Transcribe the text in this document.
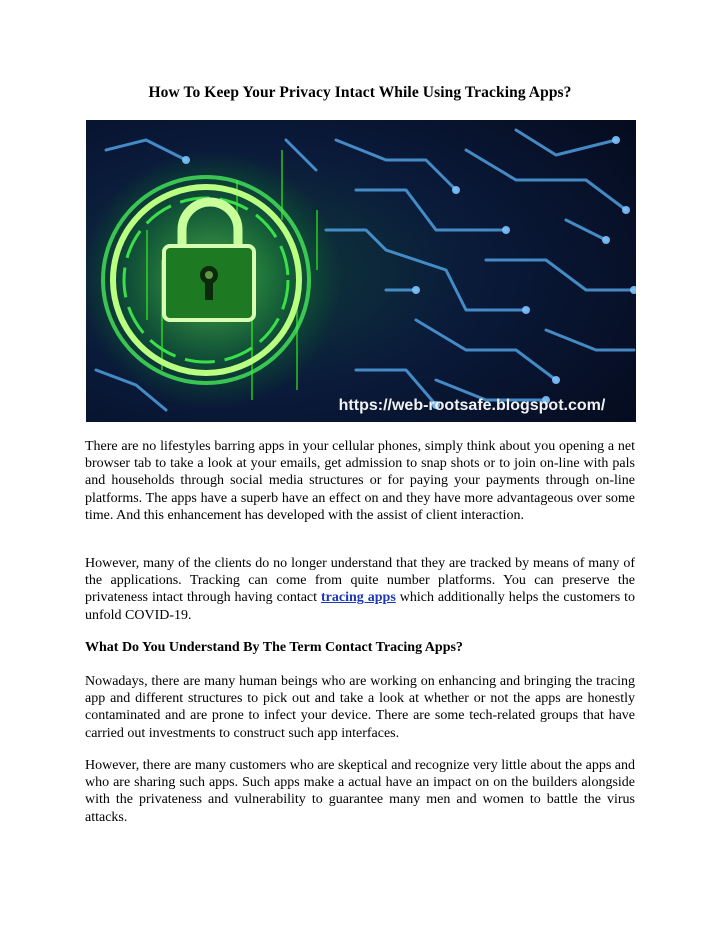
How To Keep Your Privacy Intact While Using Tracking Apps?
https://web-rootsafe.blogspot.com/
There are no lifestyles barring apps in your cellular phones, simply think about you opening a net browser tab to take a look at your emails, get admission to snap shots or to join on-line with pals and households through social media structures or for paying your payments through on-line platforms. The apps have a superb have an effect on and they have more advantageous over some time. And this enhancement has developed with the assist of client interaction.
However, many of the clients do no longer understand that they are tracked by means of many of the applications. Tracking can come from quite number platforms. You can preserve the privateness intact through having contact tracing apps which additionally helps the customers to unfold COVID-19.
What Do You Understand By The Term Contact Tracing Apps?
Nowadays, there are many human beings who are working on enhancing and bringing the tracing app and different structures to pick out and take a look at whether or not the apps are honestly contaminated and are prone to infect your device. There are some tech-related groups that have carried out investments to construct such app interfaces.
However, there are many customers who are skeptical and recognize very little about the apps and who are sharing such apps. Such apps make a actual have an impact on on the builders alongside with the privateness and vulnerability to guarantee many men and women to battle the virus attacks.
